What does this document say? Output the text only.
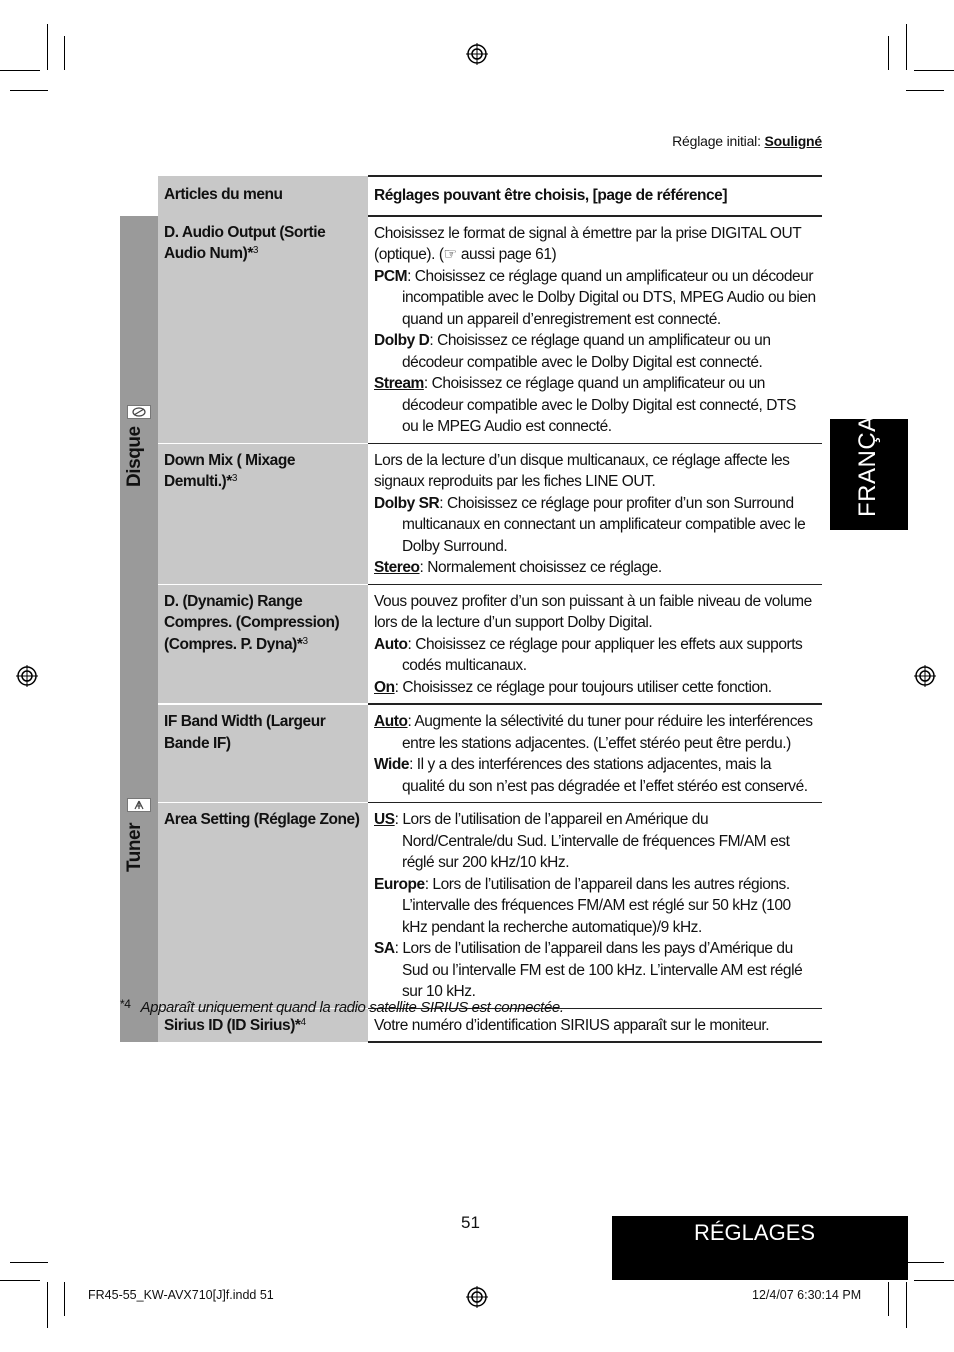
Réglage initial: Souligné
	Articles du menu	Réglages pouvant être choisis, [page de référence]

Disque	D. Audio Output (Sortie Audio Num)*$^3$	Choisissez le format de signal à émettre par la prise DIGITAL OUT (optique). (☞ aussi page 61)
PCM: Choisissez ce réglage quand un amplificateur ou un décodeur incompatible avec le Dolby Digital ou DTS, MPEG Audio ou bien quand un appareil d’enregistrement est connecté.
Dolby D: Choisissez ce réglage quand un amplificateur ou un décodeur compatible avec le Dolby Digital est connecté.
Stream: Choisissez ce réglage quand un amplificateur ou un décodeur compatible avec le Dolby Digital est connecté, DTS ou le MPEG Audio est connecté.

	Down Mix ( Mixage Demulti.)*$^3$	Lors de la lecture d’un disque multicanaux, ce réglage affecte les signaux reproduits par les fiches LINE OUT.
Dolby SR: Choisissez ce réglage pour profiter d’un son Surround multicanaux en connectant un amplificateur compatible avec le Dolby Surround.
Stereo: Normalement choisissez ce réglage.

	D. (Dynamic) Range Compres. (Compression) (Compres. P. Dyna)*$^3$	Vous pouvez profiter d’un son puissant à un faible niveau de volume lors de la lecture d’un support Dolby Digital.
Auto: Choisissez ce réglage pour appliquer les effets aux supports codés multicanaux.
On: Choisissez ce réglage pour toujours utiliser cette fonction.

Tuner	IF Band Width (Largeur Bande IF)	Auto: Augmente la sélectivité du tuner pour réduire les interférences entre les stations adjacentes. (L’effet stéréo peut être perdu.)
Wide: Il y a des interférences des stations adjacentes, mais la qualité du son n’est pas dégradée et l’effet stéréo est conservé.

	Area Setting (Réglage Zone)	US: Lors de l’utilisation de l’appareil en Amérique du Nord/Centrale/du Sud. L’intervalle de fréquences FM/AM est réglé sur 200 kHz/10 kHz.
Europe: Lors de l’utilisation de l’appareil dans les autres régions. L’intervalle des fréquences FM/AM est réglé sur 50 kHz (100 kHz pendant la recherche automatique)/9 kHz.
SA: Lors de l’utilisation de l’appareil dans les pays d’Amérique du Sud ou l’intervalle FM est de 100 kHz. L’intervalle AM est réglé sur 10 kHz.

	Sirius ID (ID Sirius)*$^4$	Votre numéro d’identification SIRIUS apparaît sur le moniteur.
$^{*4}$ Apparaît uniquement quand la radio satellite SIRIUS est connectée.
FRANÇAIS
RÉGLAGES
51
FR45-55_KW-AVX710[J]f.indd 51	12/4/07 6:30:14 PM
